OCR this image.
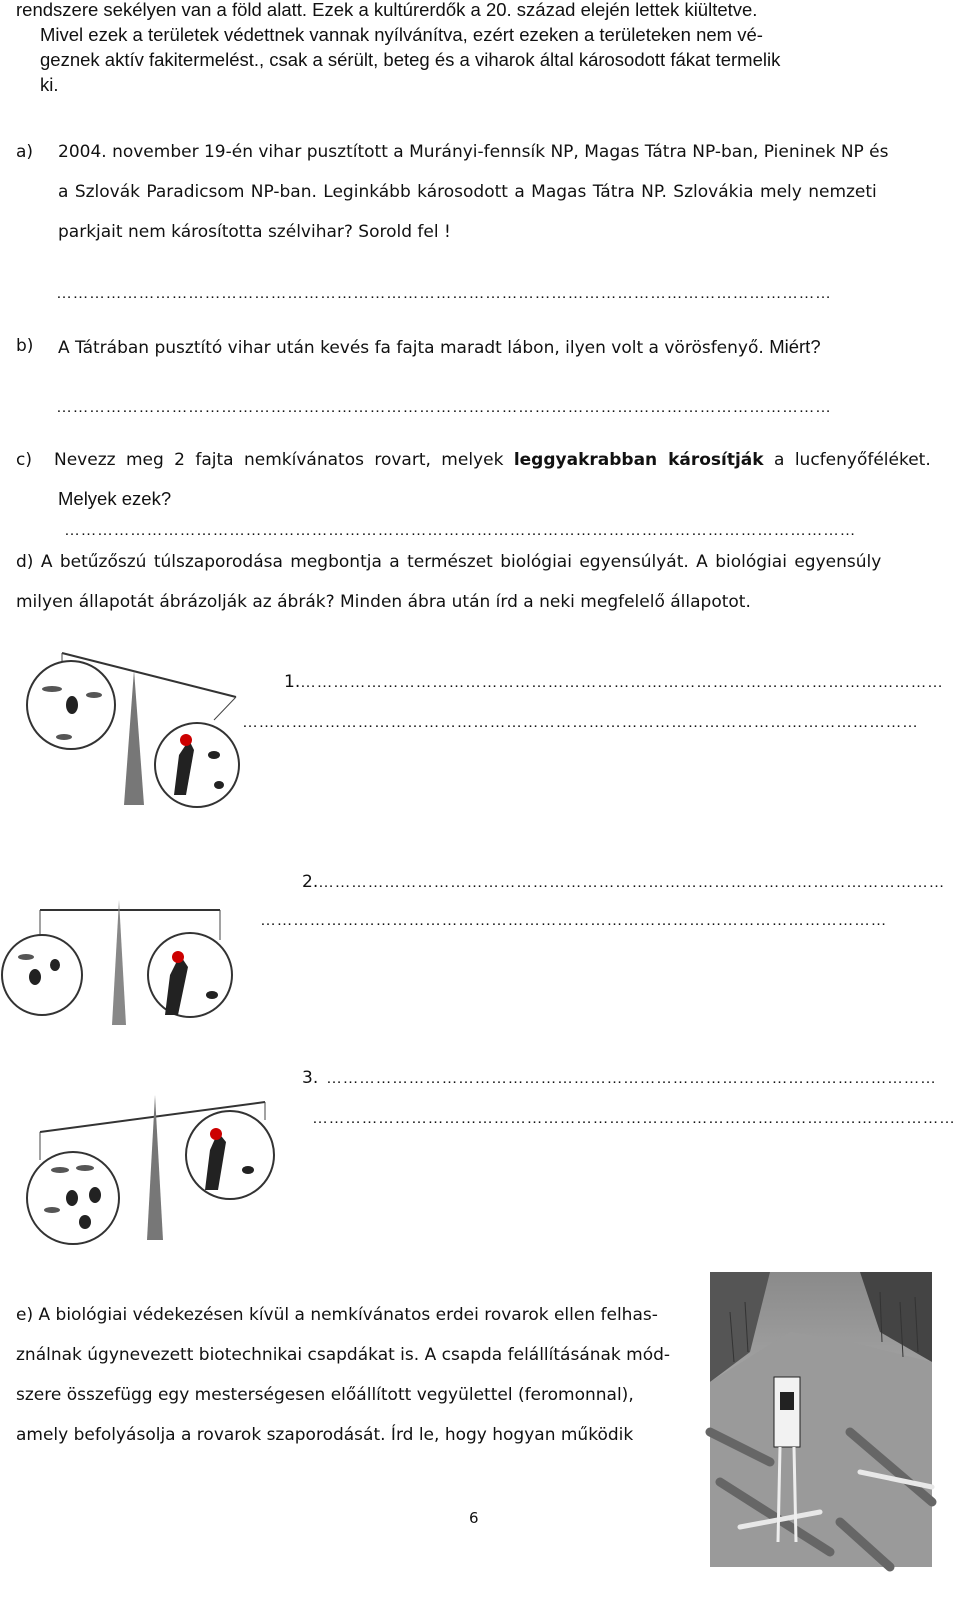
rendszere sekélyen van a föld alatt. Ezek a kultúrerdők a 20. század elején lettek kiültetve.
Mivel ezek a területek védettnek vannak nyílvánítva, ezért ezeken a területeken nem vé-
geznek aktív fakitermelést., csak a sérült, beteg és a viharok által károsodott fákat termelik
ki.
a) 2004. november 19-én vihar pusztított a Murányi-fennsík NP, Magas Tátra NP-ban, Pieninek NP és
a Szlovák Paradicsom NP-ban. Leginkább károsodott a Magas Tátra NP. Szlovákia mely nemzeti
parkjait nem károsította szélvihar? Sorold fel !
……………………………………………………………………………………………………………………………
b) A Tátrában pusztító vihar után kevés fa fajta maradt lábon, ilyen volt a vörösfenyő. Miért?
……………………………………………………………………………………………………………………………
c) Nevezz meg 2 fajta nemkívánatos rovart, melyek leggyakrabban károsítják a lucfenyőféléket.
Melyek ezek?
………………………………………………………………………………………………………………………………
d) A betűzőszú túlszaporodása megbontja a természet biológiai egyensúlyát. A biológiai egyensúly
milyen állapotát ábrázolják az ábrák? Minden ábra után írd a neki megfelelő állapotot.
1. ………………………………………………………………………………………………………
……………………………………………………………………………………………………………
2. ……………………………………………………………………………………………………
……………………………………………………………………………………………………
3. …………………………………………………………………………………………………
………………………………………………………………………………………………………
e) A biológiai védekezésen kívül a nemkívánatos erdei rovarok ellen felhas-
ználnak úgynevezett biotechnikai csapdákat is. A csapda felállításának mód-
szere összefügg egy mesterségesen előállított vegyülettel (feromonnal),
amely befolyásolja a rovarok szaporodását. Írd le, hogy hogyan működik
6
